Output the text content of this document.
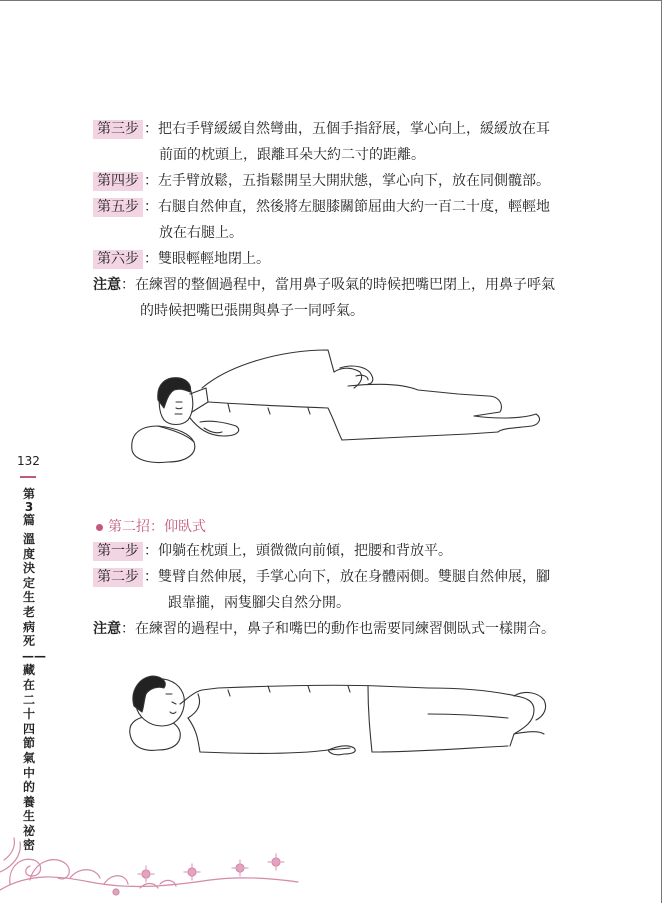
第三步 ：把右手臂緩緩自然彎曲，五個手指舒展，掌心向上，緩緩放在耳
前面的枕頭上，跟離耳朵大約二寸的距離。
第四步 ：左手臂放鬆，五指鬆開呈大開狀態，掌心向下，放在同側髖部。
第五步 ：右腿自然伸直，然後將左腿膝關節屈曲大約一百二十度，輕輕地
放在右腿上。
第六步 ：雙眼輕輕地閉上。
注意：在練習的整個過程中，當用鼻子吸氣的時候把嘴巴閉上，用鼻子呼氣
的時候把嘴巴張開與鼻子一同呼氣。
第二招：仰臥式
第一步 ：仰躺在枕頭上，頭微微向前傾，把腰和背放平。
第二步 ：雙臂自然伸展，手掌心向下，放在身體兩側。雙腿自然伸展，腳
跟靠攏，兩隻腳尖自然分開。
注意：在練習的過程中，鼻子和嘴巴的動作也需要同練習側臥式一樣開合。
132
第3篇
溫度決定生老病死——藏在二十四節氣中的養生祕密
